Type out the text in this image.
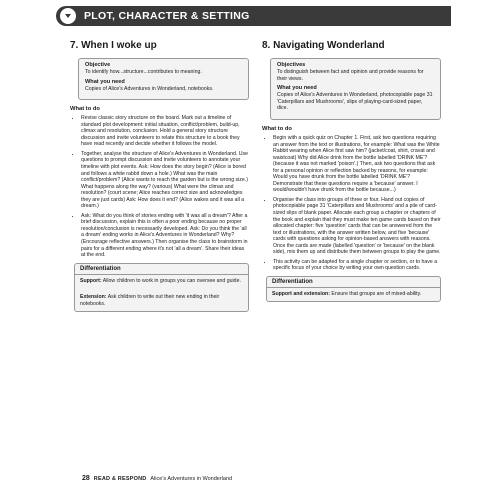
PLOT, CHARACTER & SETTING
7. When I woke up
Objective

To identify how...structure...contributes to meaning.

What you need

Copies of Alice's Adventures in Wonderland, notebooks.

What to do
• Revise classic story structure on the board. Mark out a timeline of standard plot development: initial situation, conflict/problem, build-up, climax and resolution, conclusion. Hold a general story structure discussion and invite volunteers to relate this structure to a book they have read recently and decide whether it follows the model.
• Together, analyse the structure of Alice's Adventures in Wonderland. Use questions to prompt discussion and invite volunteers to annotate your timeline with plot events. Ask: How does the story begin? (Alice is bored and follows a white rabbit down a hole.) What was the main conflict/problem? (Alice wants to reach the garden but is the wrong size.) What happens along the way? (various) What were the climax and resolution? (court scene; Alice reaches correct size and acknowledges they are just cards) Ask: How does it end? (Alice wakes and it was all a dream.)
• Ask: What do you think of stories ending with 'it was all a dream'? After a brief discussion, explain this is often a poor ending because no proper resolution/conclusion is necessarily developed. Ask: Do you think the 'all a dream' ending works in Alice's Adventures in Wonderland? Why? (Encourage reflective answers.) Then organise the class to brainstorm in pairs for a different ending where it's not 'all a dream'. Share their ideas at the end.
Differentiation

Support: Allow children to work in groups you can oversee and guide.

Extension: Ask children to write out their new ending in their notebooks.

8. Navigating Wonderland
Objectives

To distinguish between fact and opinion and provide reasons for their views.

What you need

Copies of Alice's Adventures in Wonderland, photocopiable page 31 'Caterpillars and Mushrooms', slips of playing-card-sized paper, dice.

What to do
• Begin with a quick quiz on Chapter 1. First, ask two questions requiring an answer from the text or illustrations, for example: What was the White Rabbit wearing when Alice first saw him? (jacket/coat, shirt, cravat and waistcoat) Why did Alice drink from the bottle labelled 'DRINK ME'? (because it was not marked 'poison'.) Then, ask two questions that ask for a personal opinion or reflection backed by reasons, for example: Would you have drunk from the bottle labelled 'DRINK ME'? Demonstrate that these questions require a 'because' answer. I would/wouldn't have drunk from the bottle because...)
• Organise the class into groups of three or four. Hand out copies of photocopiable page 31 'Caterpillars and Mushrooms' and a pile of card-sized slips of blank paper. Allocate each group a chapter or chapters of the book and explain that they must make ten game cards based on their allocated chapter: five 'question' cards that can be answered from the text or illustrations, with the answer written below, and five 'because' cards with questions asking for opinion-based answers with reasons. Once the cards are made (labelled 'question' or 'because' on the blank side), mix them up and distribute them between groups to play the game.
• This activity can be adapted for a single chapter or section, or to have a specific focus of your choice by writing your own question cards.
Differentiation

Support and extension: Ensure that groups are of mixed-ability.

28 READ & RESPOND Alice's Adventures in Wonderland
